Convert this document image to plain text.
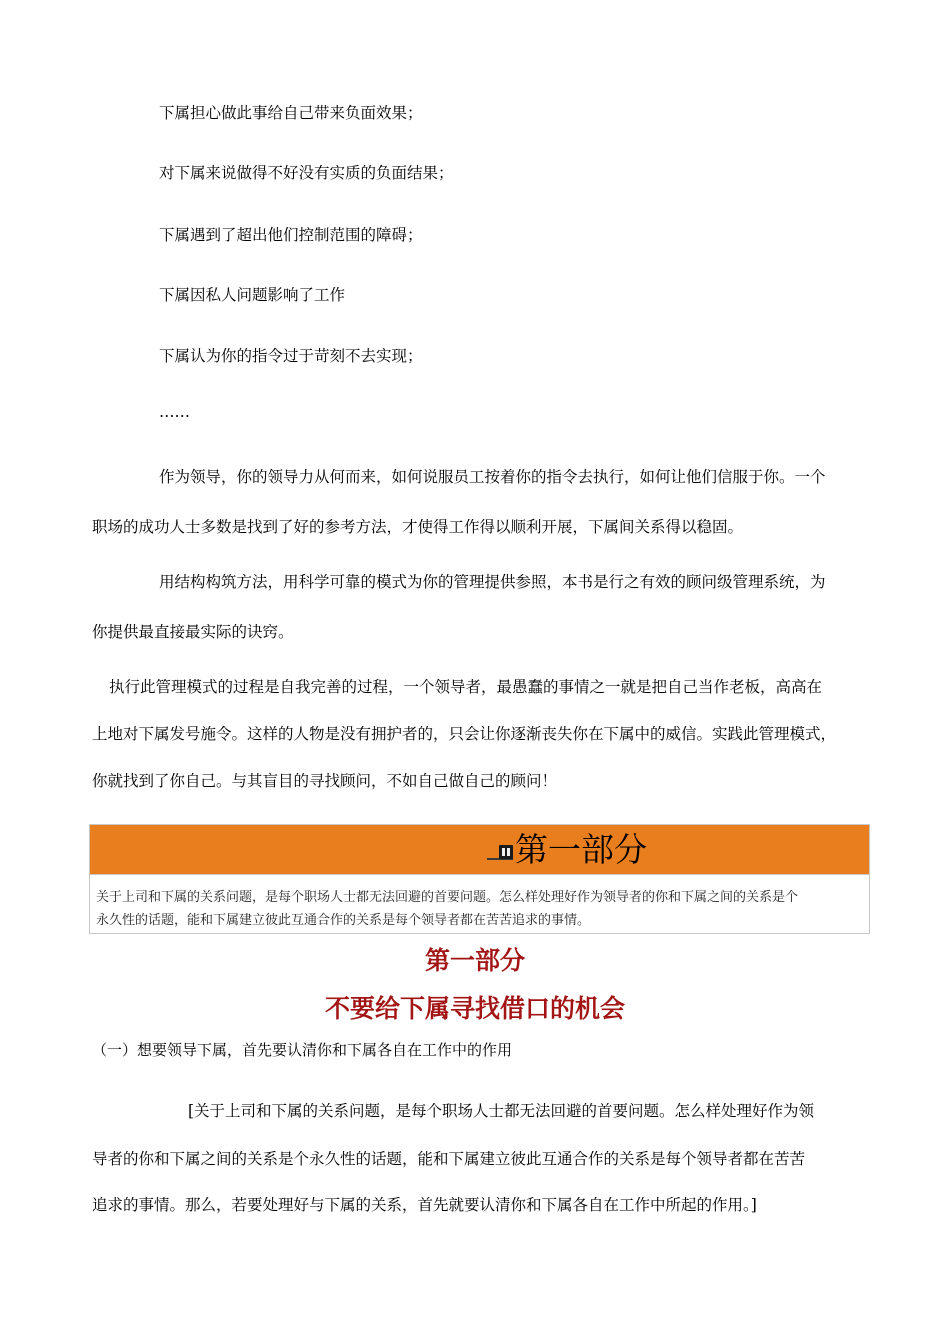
下属担心做此事给自己带来负面效果；
对下属来说做得不好没有实质的负面结果；
下属遇到了超出他们控制范围的障碍；
下属因私人问题影响了工作
下属认为你的指令过于苛刻不去实现；
……
作为领导，你的领导力从何而来，如何说服员工按着你的指令去执行，如何让他们信服于你。一个
职场的成功人士多数是找到了好的参考方法，才使得工作得以顺利开展，下属间关系得以稳固。
用结构构筑方法，用科学可靠的模式为你的管理提供参照，本书是行之有效的顾问级管理系统，为
你提供最直接最实际的诀窍。
执行此管理模式的过程是自我完善的过程，一个领导者，最愚蠢的事情之一就是把自己当作老板，高高在
上地对下属发号施令。这样的人物是没有拥护者的，只会让你逐渐丧失你在下属中的威信。实践此管理模式，
你就找到了你自己。与其盲目的寻找顾问，不如自己做自己的顾问！
第一部分
关于上司和下属的关系问题，是每个职场人士都无法回避的首要问题。怎么样处理好作为领导者的你和下属之间的关系是个
永久性的话题，能和下属建立彼此互通合作的关系是每个领导者都在苦苦追求的事情。
第一部分
不要给下属寻找借口的机会
（一）想要领导下属，首先要认清你和下属各自在工作中的作用
[关于上司和下属的关系问题，是每个职场人士都无法回避的首要问题。怎么样处理好作为领
导者的你和下属之间的关系是个永久性的话题，能和下属建立彼此互通合作的关系是每个领导者都在苦苦
追求的事情。那么，若要处理好与下属的关系，首先就要认清你和下属各自在工作中所起的作用。]
